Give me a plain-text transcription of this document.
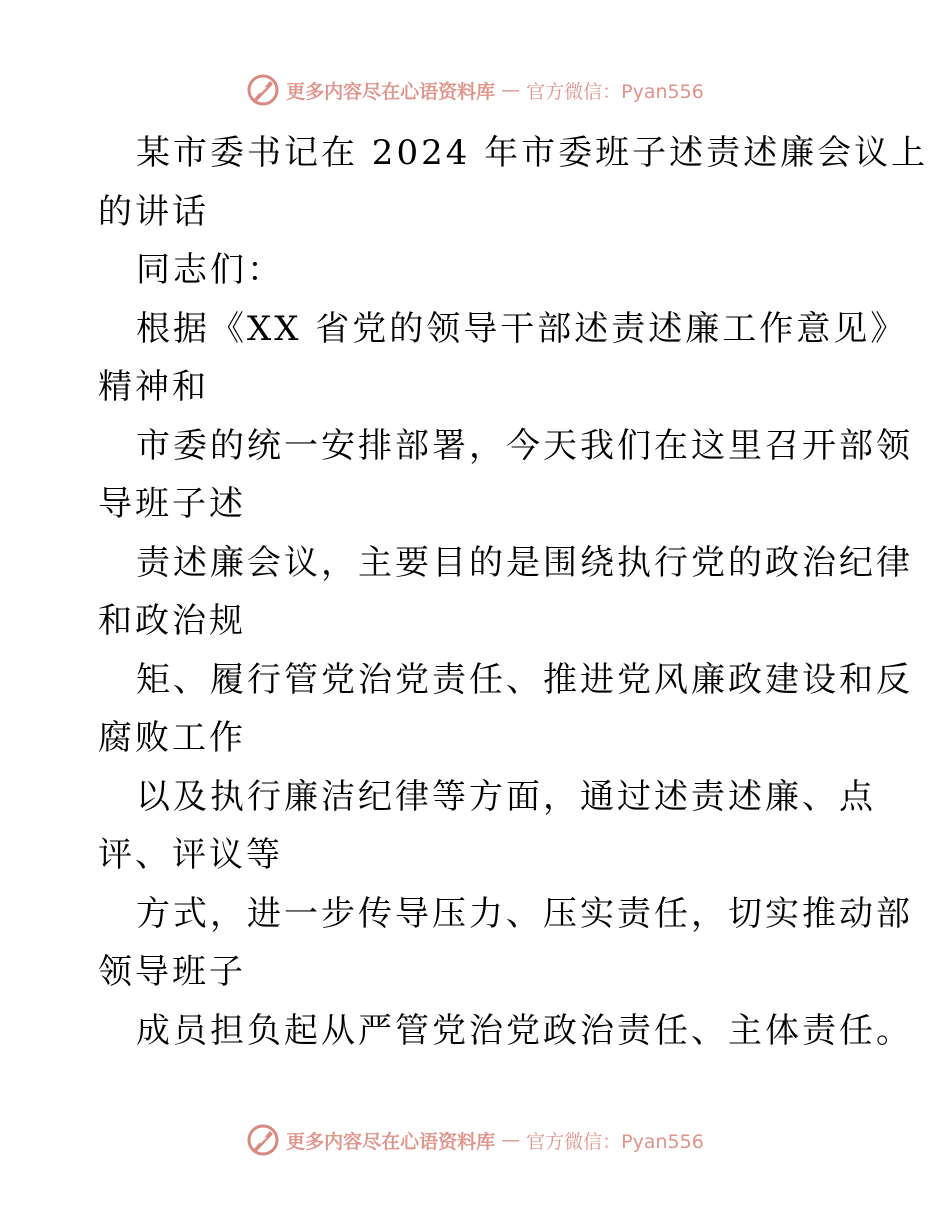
更多内容尽在心语资料库 — 官方微信：Pyan556
某市委书记在 2024 年市委班子述责述廉会议上
的讲话
同志们：
根据《XX 省党的领导干部述责述廉工作意见》
精神和
市委的统一安排部署，今天我们在这里召开部领
导班子述
责述廉会议，主要目的是围绕执行党的政治纪律
和政治规
矩、履行管党治党责任、推进党风廉政建设和反
腐败工作
以及执行廉洁纪律等方面，通过述责述廉、点
评、评议等
方式，进一步传导压力、压实责任，切实推动部
领导班子
成员担负起从严管党治党政治责任、主体责任。
更多内容尽在心语资料库 — 官方微信：Pyan556
